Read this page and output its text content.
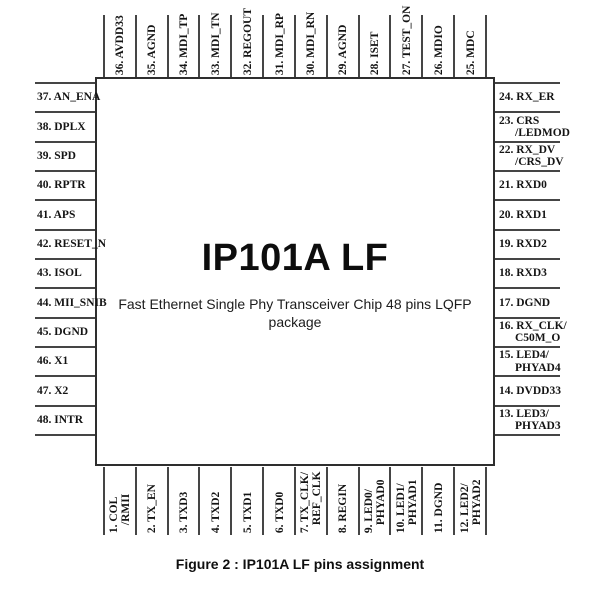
IP101A LF
Fast Ethernet Single Phy Transceiver Chip 48 pins LQFP package
36. AVDD33 35. AGND 34. MDI_TP 33. MDI_TN 32. REGOUT 31. MDI_RP 30. MDI_RN 29. AGND 28. ISET 27. TEST_ON 26. MDIO 25. MDC
1. COL /RMII 2. TX_EN 3. TXD3 4. TXD2 5. TXD1 6. TXD0 7. TX_CLK/ REF_CLK 8. REGIN 9. LED0/ PHYAD0 10. LED1/ PHYAD1 11. DGND 12. LED2/ PHYAD2
37. AN_ENA
38. DPLX
39. SPD
40. RPTR
41. APS
42. RESET_N
43. ISOL
44. MII_SNIB
45. DGND
46. X1
47. X2
48. INTR
24. RX_ER
23. CRS
/LEDMOD
22. RX_DV
/CRS_DV
21. RXD0
20. RXD1
19. RXD2
18. RXD3
17. DGND
16. RX_CLK/
C50M_O
15. LED4/
PHYAD4
14. DVDD33
13. LED3/
PHYAD3
Figure 2 : IP101A LF pins assignment
